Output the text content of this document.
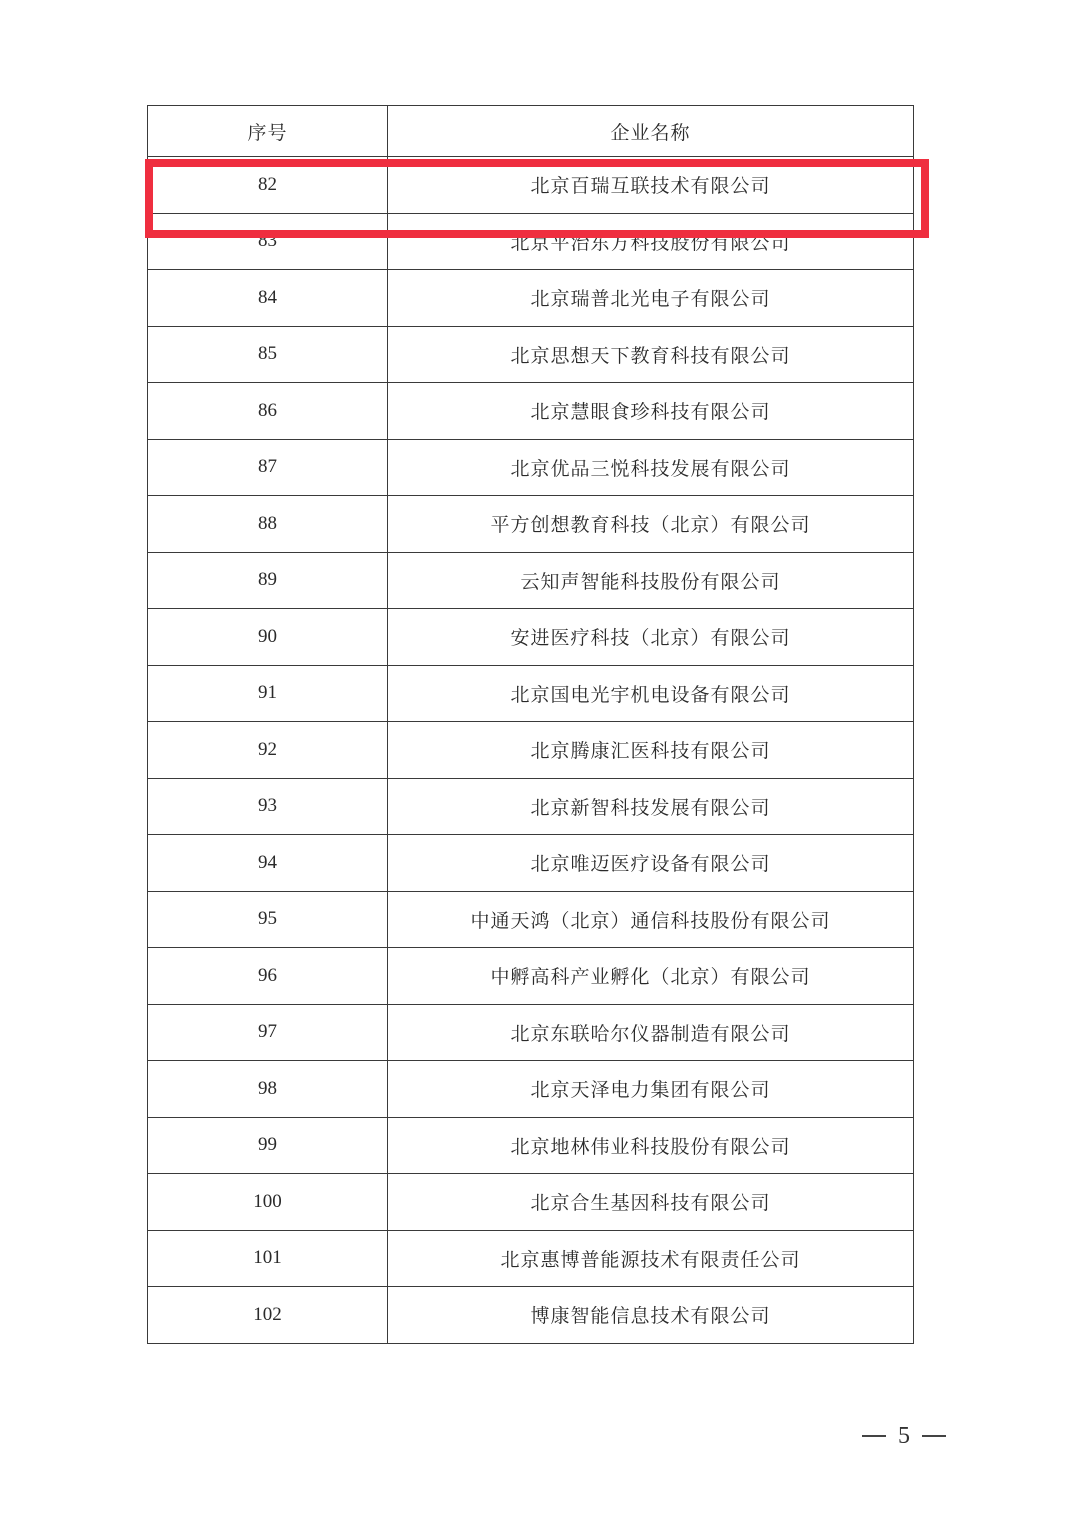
序号	企业名称
82	北京百瑞互联技术有限公司
83	北京平治东方科技股份有限公司
84	北京瑞普北光电子有限公司
85	北京思想天下教育科技有限公司
86	北京慧眼食珍科技有限公司
87	北京优品三悦科技发展有限公司
88	平方创想教育科技（北京）有限公司
89	云知声智能科技股份有限公司
90	安进医疗科技（北京）有限公司
91	北京国电光宇机电设备有限公司
92	北京腾康汇医科技有限公司
93	北京新智科技发展有限公司
94	北京唯迈医疗设备有限公司
95	中通天鸿（北京）通信科技股份有限公司
96	中孵高科产业孵化（北京）有限公司
97	北京东联哈尔仪器制造有限公司
98	北京天泽电力集团有限公司
99	北京地林伟业科技股份有限公司
100	北京合生基因科技有限公司
101	北京惠博普能源技术有限责任公司
102	博康智能信息技术有限公司
5
